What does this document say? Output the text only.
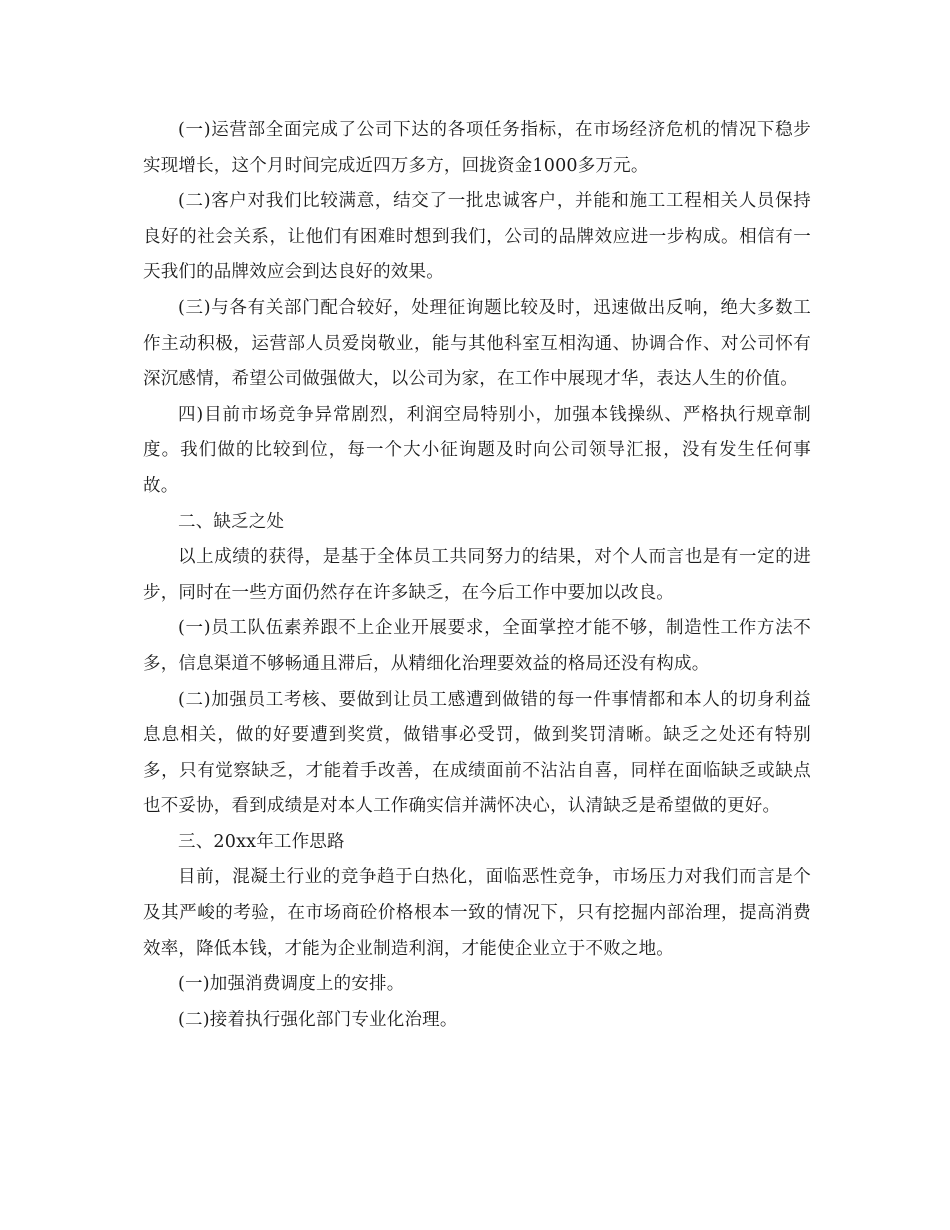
(一)运营部全面完成了公司下达的各项任务指标，在市场经济危机的情况下稳步实现增长，这个月时间完成近四万多方，回拢资金1000多万元。

(二)客户对我们比较满意，结交了一批忠诚客户，并能和施工工程相关人员保持良好的社会关系，让他们有困难时想到我们，公司的品牌效应进一步构成。相信有一天我们的品牌效应会到达良好的效果。

(三)与各有关部门配合较好，处理征询题比较及时，迅速做出反响，绝大多数工作主动积极，运营部人员爱岗敬业，能与其他科室互相沟通、协调合作、对公司怀有深沉感情，希望公司做强做大，以公司为家，在工作中展现才华，表达人生的价值。

四)目前市场竞争异常剧烈，利润空局特别小，加强本钱操纵、严格执行规章制度。我们做的比较到位，每一个大小征询题及时向公司领导汇报，没有发生任何事故。

二、缺乏之处

以上成绩的获得，是基于全体员工共同努力的结果，对个人而言也是有一定的进步，同时在一些方面仍然存在许多缺乏，在今后工作中要加以改良。

(一)员工队伍素养跟不上企业开展要求，全面掌控才能不够，制造性工作方法不多，信息渠道不够畅通且滞后，从精细化治理要效益的格局还没有构成。

(二)加强员工考核、要做到让员工感遭到做错的每一件事情都和本人的切身利益息息相关，做的好要遭到奖赏，做错事必受罚，做到奖罚清晰。缺乏之处还有特别多，只有觉察缺乏，才能着手改善，在成绩面前不沾沾自喜，同样在面临缺乏或缺点也不妥协，看到成绩是对本人工作确实信并满怀决心，认清缺乏是希望做的更好。

三、20xx年工作思路

目前，混凝土行业的竞争趋于白热化，面临恶性竞争，市场压力对我们而言是个及其严峻的考验，在市场商砼价格根本一致的情况下，只有挖掘内部治理，提高消费效率，降低本钱，才能为企业制造利润，才能使企业立于不败之地。

(一)加强消费调度上的安排。

(二)接着执行强化部门专业化治理。
